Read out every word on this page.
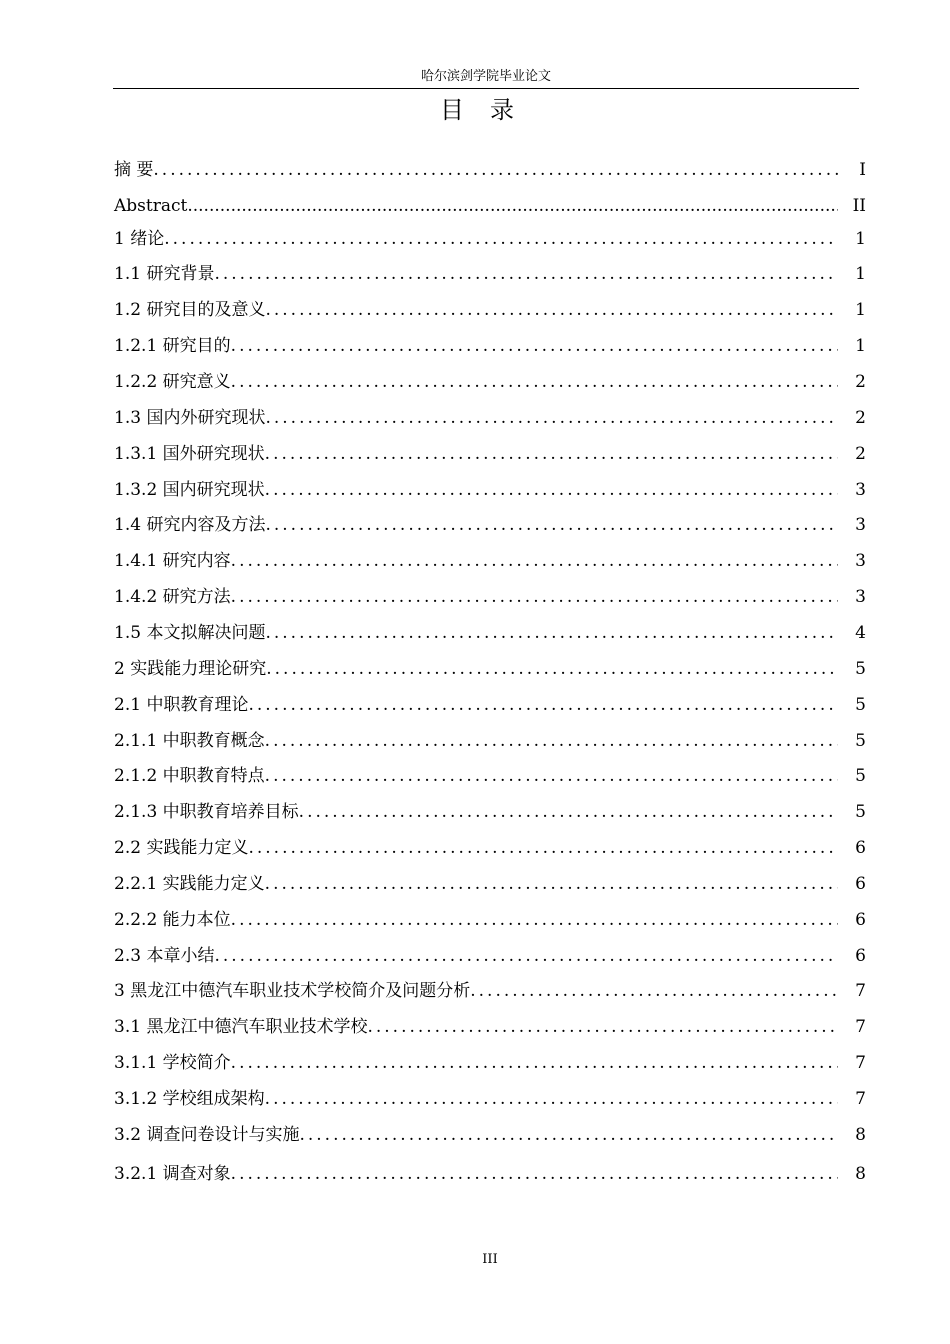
哈尔滨剑学院毕业论文
目录
摘 要 .....	I
Abstract .....	II
1 绪论 .....	1
1.1 研究背景 .....	1
1.2 研究目的及意义 .....	1
1.2.1 研究目的 .....	1
1.2.2 研究意义 .....	2
1.3 国内外研究现状 .....	2
1.3.1 国外研究现状 .....	2
1.3.2 国内研究现状 .....	3
1.4 研究内容及方法 .....	3
1.4.1 研究内容 .....	3
1.4.2 研究方法 .....	3
1.5 本文拟解决问题 .....	4
2 实践能力理论研究 .....	5
2.1 中职教育理论 .....	5
2.1.1 中职教育概念 .....	5
2.1.2 中职教育特点 .....	5
2.1.3 中职教育培养目标 .....	5
2.2 实践能力定义 .....	6
2.2.1 实践能力定义 .....	6
2.2.2 能力本位 .....	6
2.3 本章小结 .....	6
3 黑龙江中德汽车职业技术学校简介及问题分析 .....	7
3.1 黑龙江中德汽车职业技术学校 .....	7
3.1.1 学校简介 .....	7
3.1.2 学校组成架构 .....	7
3.2 调查问卷设计与实施 .....	8
3.2.1 调查对象 .....	8
III
